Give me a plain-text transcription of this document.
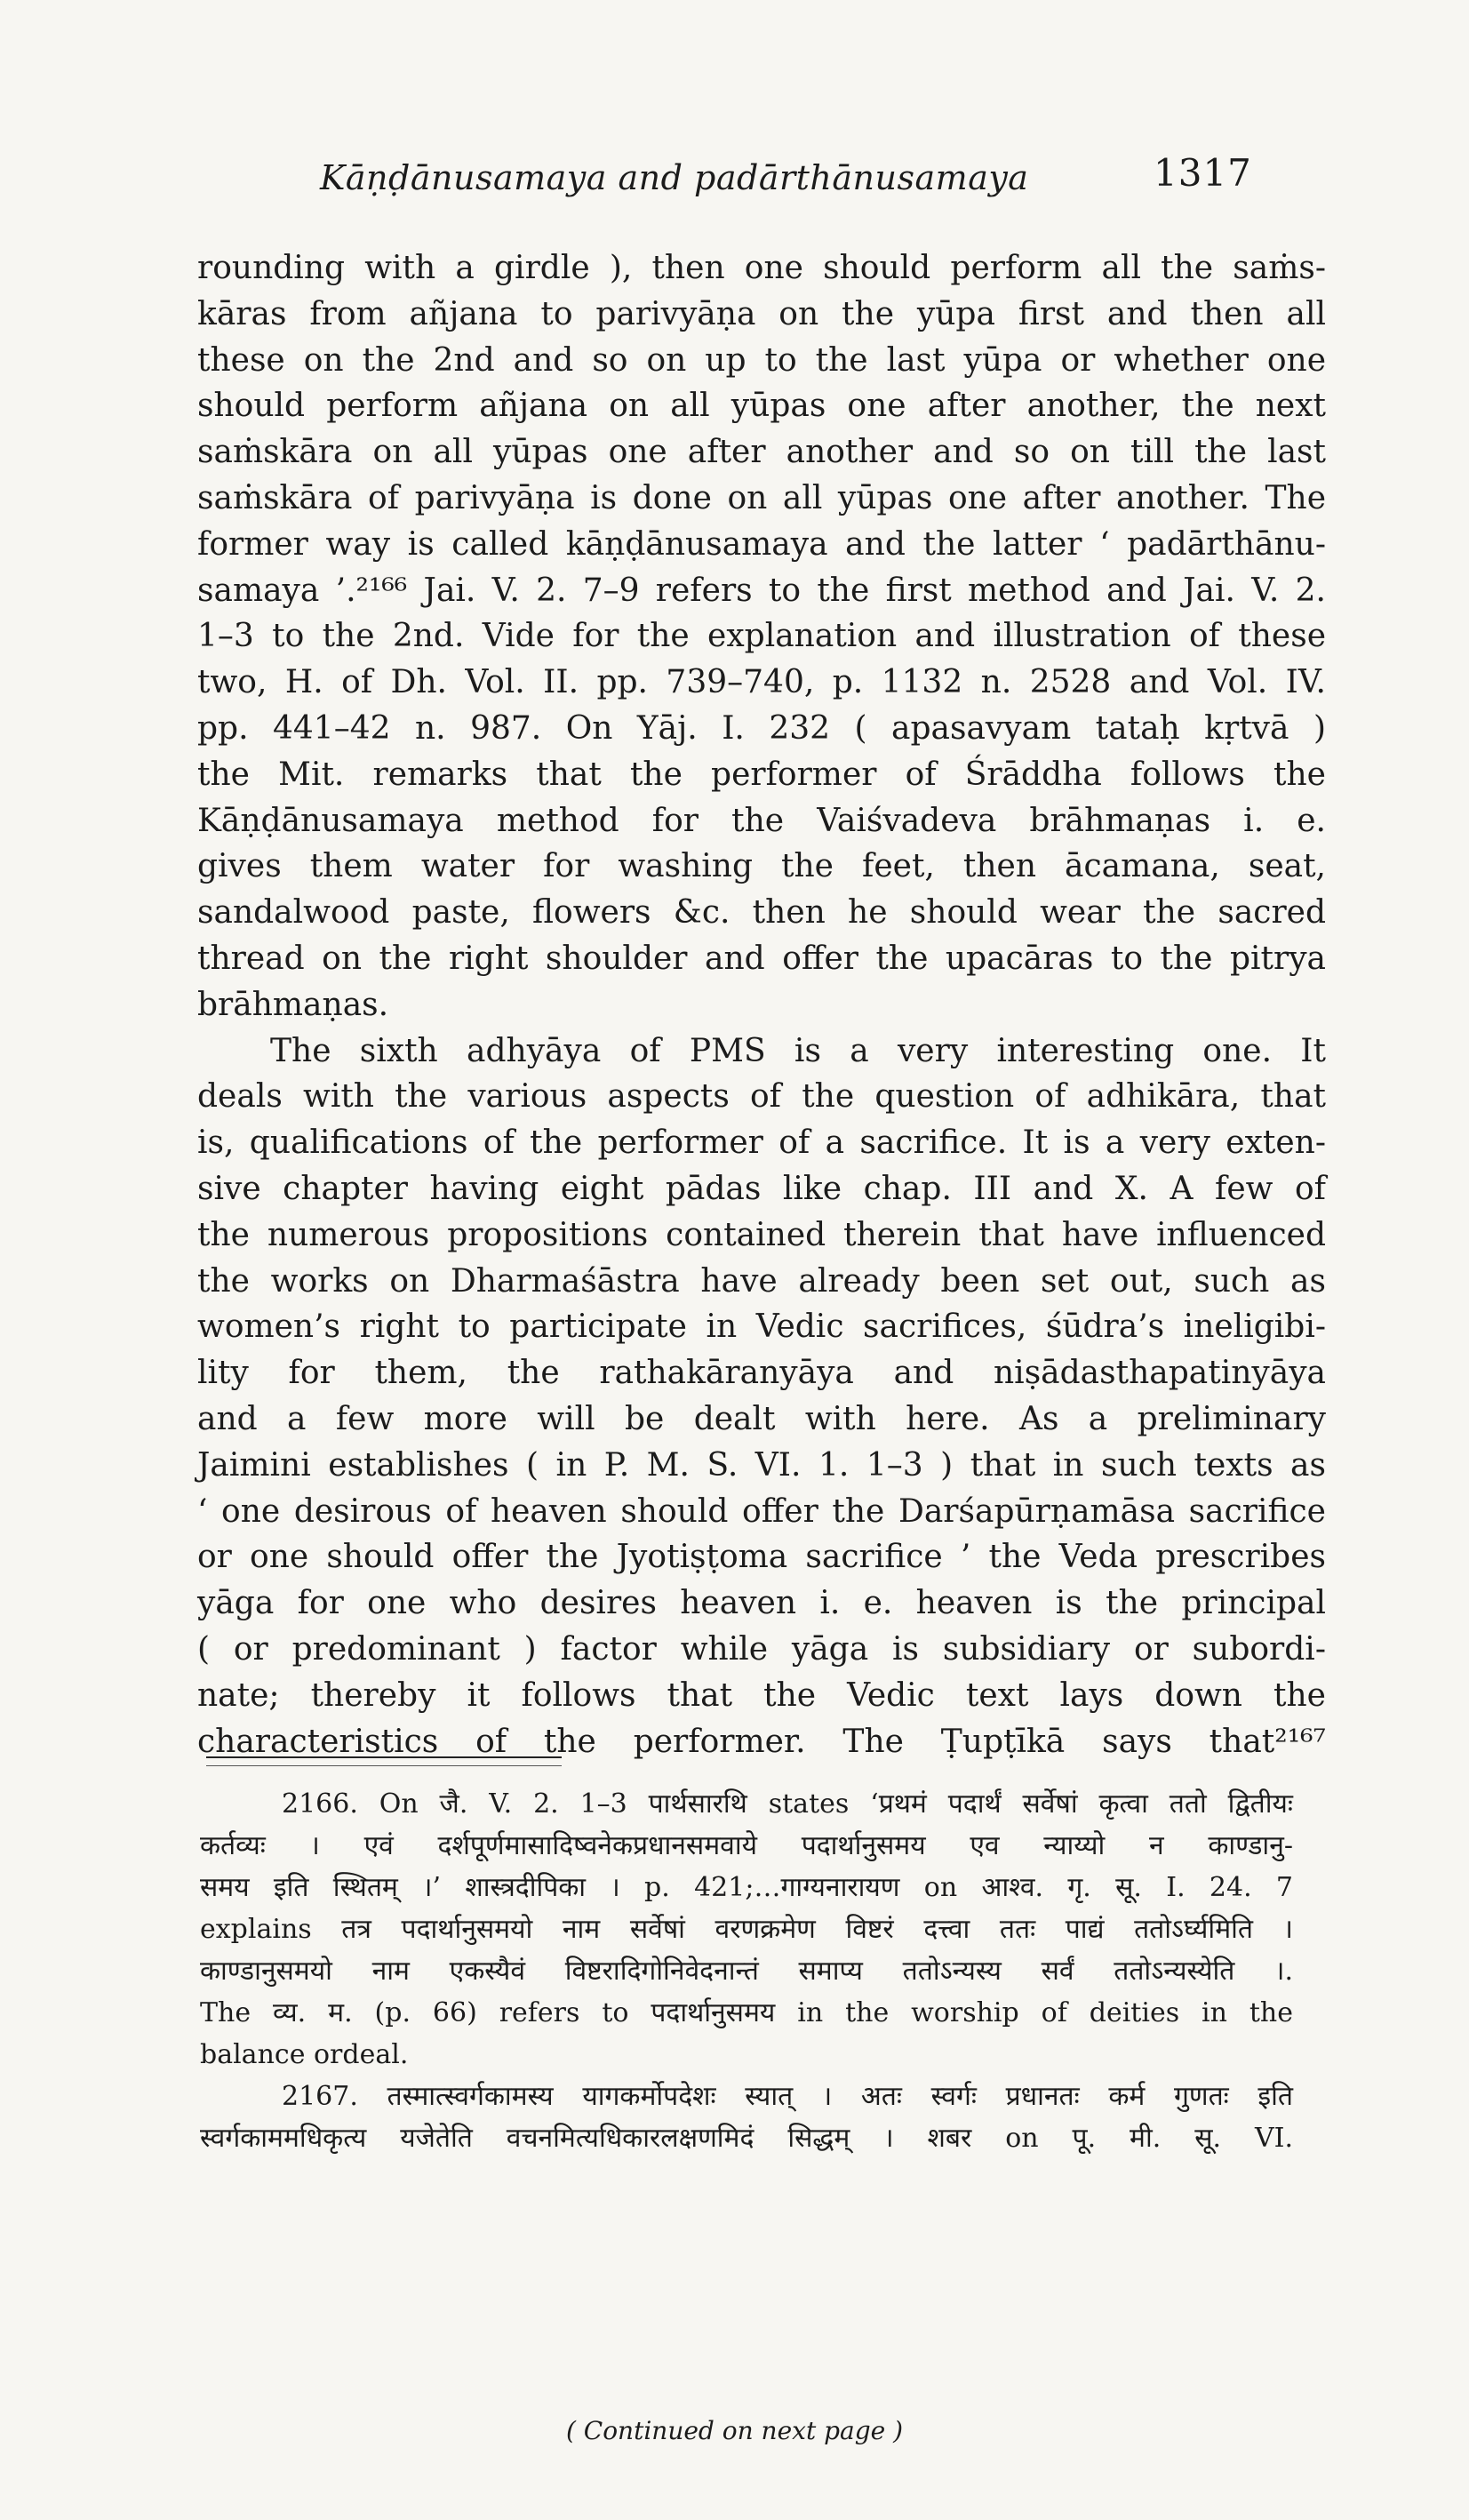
Kāṇḍānusamaya and padārthānusamaya	1317
rounding with a girdle ), then one should perform all the saṁs-
kāras from añjana to parivyāṇa on the yūpa first and then all
these on the 2nd and so on up to the last yūpa or whether one
should perform añjana on all yūpas one after another, the next
saṁskāra on all yūpas one after another and so on till the last
saṁskāra of parivyāṇa is done on all yūpas one after another. The
former way is called kāṇḍānusamaya and the latter ‘ padārthānu-
samaya ’.²¹⁶⁶ Jai. V. 2. 7–9 refers to the first method and Jai. V. 2.
1–3 to the 2nd. Vide for the explanation and illustration of these
two, H. of Dh. Vol. II. pp. 739–740, p. 1132 n. 2528 and Vol. IV.
pp. 441–42 n. 987. On Yāj. I. 232 ( apasavyam tataḥ kṛtvā )
the Mit. remarks that the performer of Śrāddha follows the
Kāṇḍānusamaya method for the Vaiśvadeva brāhmaṇas i. e.
gives them water for washing the feet, then ācamana, seat,
sandalwood paste, flowers &c. then he should wear the sacred
thread on the right shoulder and offer the upacāras to the pitrya
brāhmaṇas.
The sixth adhyāya of PMS is a very interesting one. It
deals with the various aspects of the question of adhikāra, that
is, qualifications of the performer of a sacrifice. It is a very exten-
sive chapter having eight pādas like chap. III and X. A few of
the numerous propositions contained therein that have influenced
the works on Dharmaśāstra have already been set out, such as
women’s right to participate in Vedic sacrifices, śūdra’s ineligibi-
lity for them, the rathakāranyāya and niṣādasthapatinyāya
and a few more will be dealt with here. As a preliminary
Jaimini establishes ( in P. M. S. VI. 1. 1–3 ) that in such texts as
‘ one desirous of heaven should offer the Darśapūrṇamāsa sacrifice
or one should offer the Jyotiṣṭoma sacrifice ’ the Veda prescribes
yāga for one who desires heaven i. e. heaven is the principal
( or predominant ) factor while yāga is subsidiary or subordi-
nate; thereby it follows that the Vedic text lays down the
characteristics of the performer. The Ṭupṭīkā says that²¹⁶⁷
2166. On जै. V. 2. 1–3 पार्थसारथि states ‘प्रथमं पदार्थं सर्वेषां कृत्वा ततो द्वितीयः
कर्तव्यः । एवं दर्शपूर्णमासादिष्वनेकप्रधानसमवाये पदार्थानुसमय एव न्याय्यो न काण्डानु-
समय इति स्थितम् ।’ शास्त्रदीपिका । p. 421;…गाग्यनारायण on आश्व. गृ. सू. I. 24. 7
explains तत्र पदार्थानुसमयो नाम सर्वेषां वरणक्रमेण विष्टरं दत्त्वा ततः पाद्यं ततोऽर्घ्यमिति ।
काण्डानुसमयो नाम एकस्यैवं विष्टरादिगोनिवेदनान्तं समाप्य ततोऽन्यस्य सर्वं ततोऽन्यस्येति ।.
The व्य. म. (p. 66) refers to पदार्थानुसमय in the worship of deities in the
balance ordeal.
2167. तस्मात्स्वर्गकामस्य यागकर्मोपदेशः स्यात् । अतः स्वर्गः प्रधानतः कर्म गुणतः इति
स्वर्गकाममधिकृत्य यजेतेति वचनमित्यधिकारलक्षणमिदं सिद्धम् । शबर on पू. मी. सू. VI.
( Continued on next page )
